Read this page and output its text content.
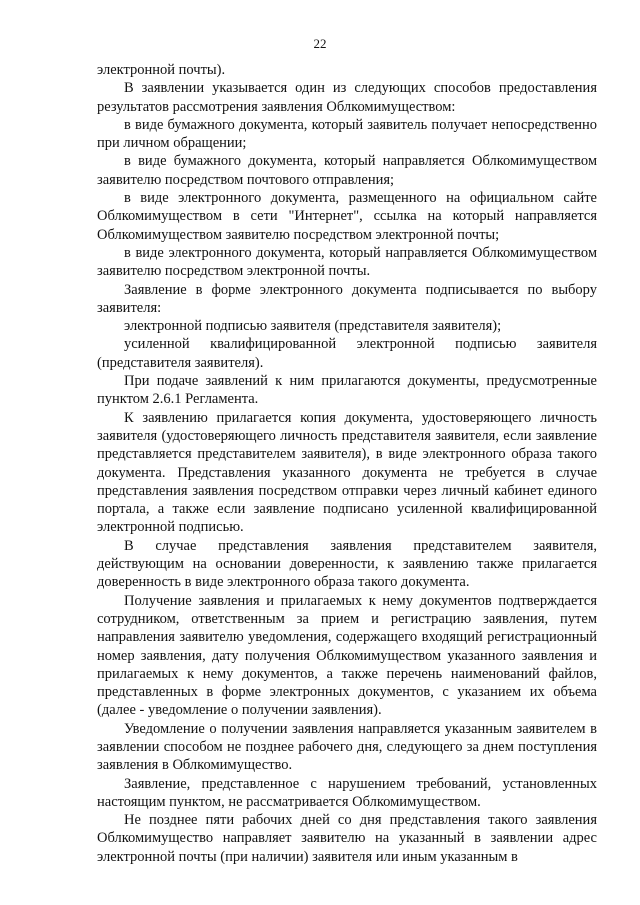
22

электронной почты).

В заявлении указывается один из следующих способов предоставления результатов рассмотрения заявления Облкомимуществом:

в виде бумажного документа, который заявитель получает непосредственно при личном обращении;

в виде бумажного документа, который направляется Облкомимуществом заявителю посредством почтового отправления;

в виде электронного документа, размещенного на официальном сайте Облкомимуществом в сети "Интернет", ссылка на который направляется Облкомимуществом заявителю посредством электронной почты;

в виде электронного документа, который направляется Облкомимуществом заявителю посредством электронной почты.

Заявление в форме электронного документа подписывается по выбору заявителя:

электронной подписью заявителя (представителя заявителя);

усиленной квалифицированной электронной подписью заявителя (представителя заявителя).

При подаче заявлений к ним прилагаются документы, предусмотренные пунктом 2.6.1 Регламента.

К заявлению прилагается копия документа, удостоверяющего личность заявителя (удостоверяющего личность представителя заявителя, если заявление представляется представителем заявителя), в виде электронного образа такого документа. Представления указанного документа не требуется в случае представления заявления посредством отправки через личный кабинет единого портала, а также если заявление подписано усиленной квалифицированной электронной подписью.

В случае представления заявления представителем заявителя, действующим на основании доверенности, к заявлению также прилагается доверенность в виде электронного образа такого документа.

Получение заявления и прилагаемых к нему документов подтверждается сотрудником, ответственным за прием и регистрацию заявления, путем направления заявителю уведомления, содержащего входящий регистрационный номер заявления, дату получения Облкомимуществом указанного заявления и прилагаемых к нему документов, а также перечень наименований файлов, представленных в форме электронных документов, с указанием их объема (далее - уведомление о получении заявления).

Уведомление о получении заявления направляется указанным заявителем в заявлении способом не позднее рабочего дня, следующего за днем поступления заявления в Облкомимущество.

Заявление, представленное с нарушением требований, установленных настоящим пунктом, не рассматривается Облкомимуществом.

Не позднее пяти рабочих дней со дня представления такого заявления Облкомимущество направляет заявителю на указанный в заявлении адрес электронной почты (при наличии) заявителя или иным указанным в
